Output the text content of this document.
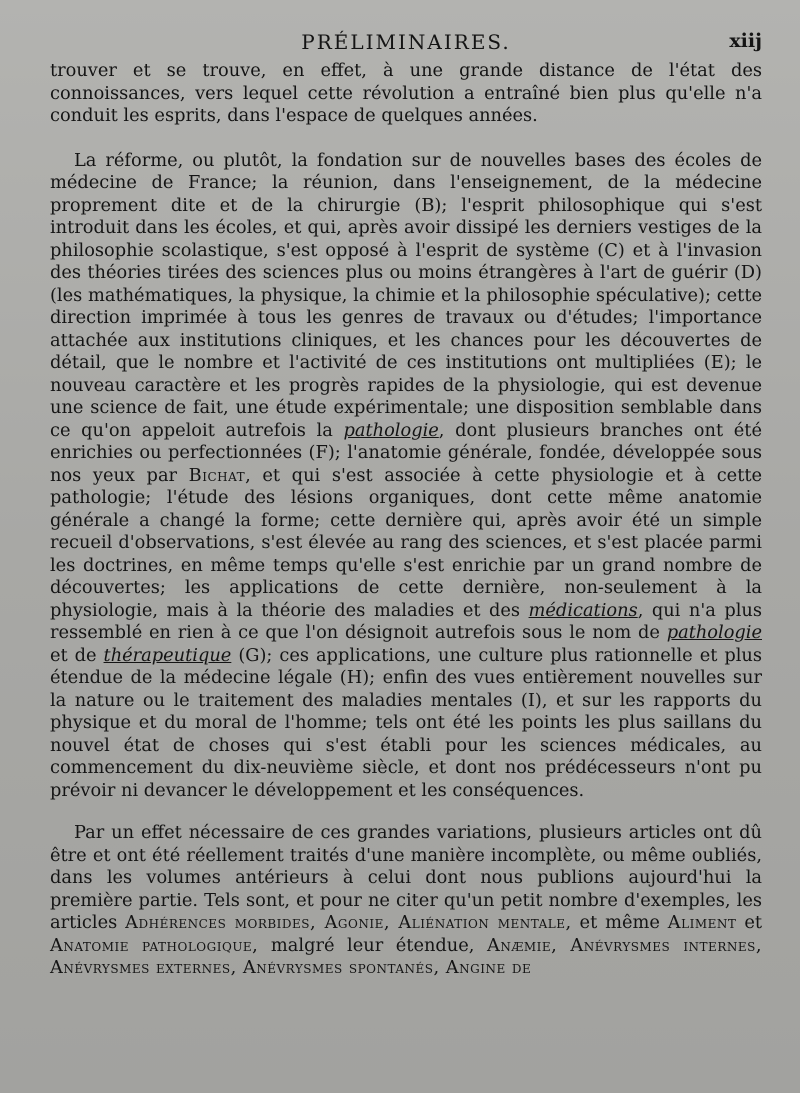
PRÉLIMINAIRES.	xiij

trouver et se trouve, en effet, à une grande distance de l'état des connoissances, vers lequel cette révolution a entraîné bien plus qu'elle n'a conduit les esprits, dans l'espace de quelques années.

La réforme, ou plutôt, la fondation sur de nouvelles bases des écoles de médecine de France; la réunion, dans l'enseignement, de la médecine proprement dite et de la chirurgie (B); l'esprit philosophique qui s'est introduit dans les écoles, et qui, après avoir dissipé les derniers vestiges de la philosophie scolastique, s'est opposé à l'esprit de système (C) et à l'invasion des théories tirées des sciences plus ou moins étrangères à l'art de guérir (D) (les mathématiques, la physique, la chimie et la philosophie spéculative); cette direction imprimée à tous les genres de travaux ou d'études; l'importance attachée aux institutions cliniques, et les chances pour les découvertes de détail, que le nombre et l'activité de ces institutions ont multipliées (E); le nouveau caractère et les progrès rapides de la physiologie, qui est devenue une science de fait, une étude expérimentale; une disposition semblable dans ce qu'on appeloit autrefois la pathologie, dont plusieurs branches ont été enrichies ou perfectionnées (F); l'anatomie générale, fondée, développée sous nos yeux par Bichat, et qui s'est associée à cette physiologie et à cette pathologie; l'étude des lésions organiques, dont cette même anatomie générale a changé la forme; cette dernière qui, après avoir été un simple recueil d'observations, s'est élevée au rang des sciences, et s'est placée parmi les doctrines, en même temps qu'elle s'est enrichie par un grand nombre de découvertes; les applications de cette dernière, non-seulement à la physiologie, mais à la théorie des maladies et des médications, qui n'a plus ressemblé en rien à ce que l'on désignoit autrefois sous le nom de pathologie et de thérapeutique (G); ces applications, une culture plus rationnelle et plus étendue de la médecine légale (H); enfin des vues entièrement nouvelles sur la nature ou le traitement des maladies mentales (I), et sur les rapports du physique et du moral de l'homme; tels ont été les points les plus saillans du nouvel état de choses qui s'est établi pour les sciences médicales, au commencement du dix-neuvième siècle, et dont nos prédécesseurs n'ont pu prévoir ni devancer le développement et les conséquences.

Par un effet nécessaire de ces grandes variations, plusieurs articles ont dû être et ont été réellement traités d'une manière incomplète, ou même oubliés, dans les volumes antérieurs à celui dont nous publions aujourd'hui la première partie. Tels sont, et pour ne citer qu'un petit nombre d'exemples, les articles Adhérences morbides, Agonie, Aliénation mentale, et même Aliment et Anatomie pathologique, malgré leur étendue, Anæmie, Anévrysmes internes, Anévrysmes externes, Anévrysmes spontanés, Angine de
